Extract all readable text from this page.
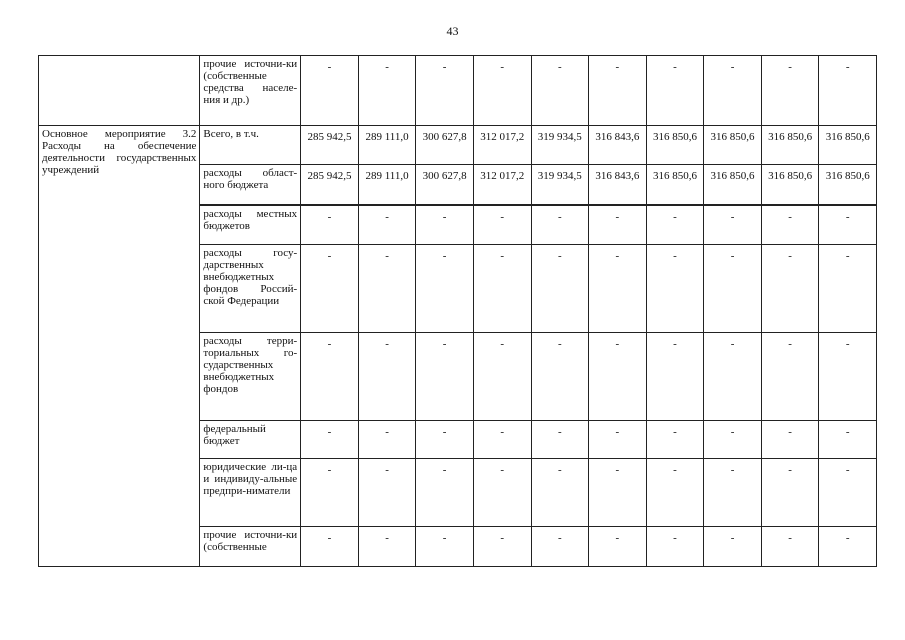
43
	прочие источни-ки (собственные средства населе-ния и др.)	-	-	-	-	-	-	-	-	-	-
Основное мероприятие 3.2 Расходы на обеспечение деятельности государственных учреждений	Всего, в т.ч.	285 942,5	289 111,0	300 627,8	312 017,2	319 934,5	316 843,6	316 850,6	316 850,6	316 850,6	316 850,6
	расходы област-ного бюджета	285 942,5	289 111,0	300 627,8	312 017,2	319 934,5	316 843,6	316 850,6	316 850,6	316 850,6	316 850,6
	расходы местных бюджетов	-	-	-	-	-	-	-	-	-	-
	расходы госу-дарственных внебюджетных фондов Россий-ской Федерации	-	-	-	-	-	-	-	-	-	-
	расходы терри-ториальных го-сударственных внебюджетных фондов	-	-	-	-	-	-	-	-	-	-
	федеральный бюджет	-	-	-	-	-	-	-	-	-	-
	юридические ли-ца и индивиду-альные предпри-ниматели	-	-	-	-	-	-	-	-	-	-
	прочие источни-ки (собственные	-	-	-	-	-	-	-	-	-	-
